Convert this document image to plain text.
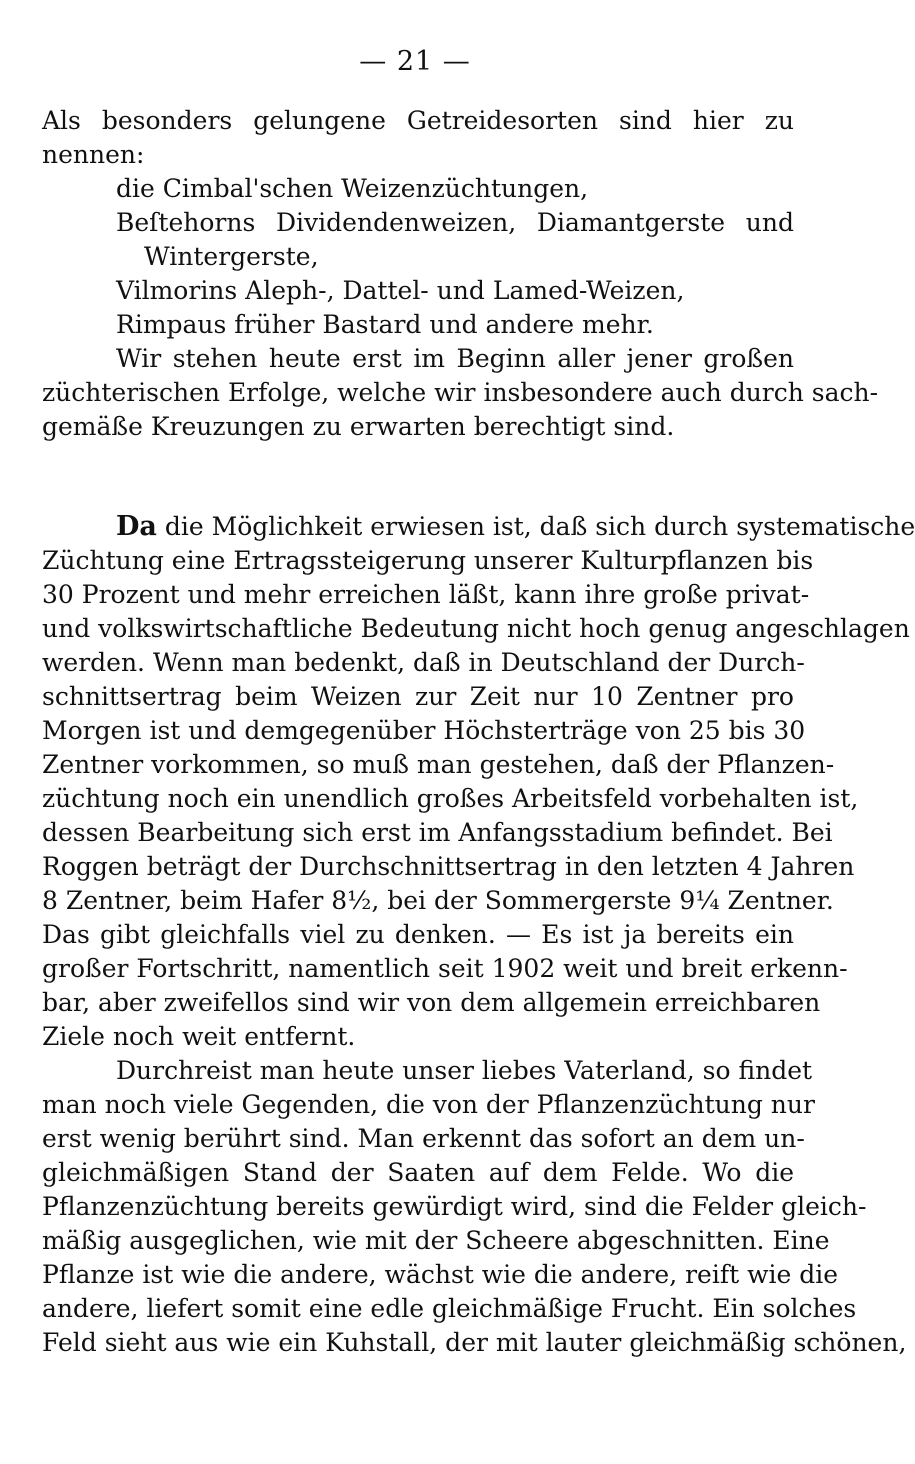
— 21 —
Als besonders gelungene Getreidesorten sind hier zu
nennen:
die Cimbal'schen Weizenzüchtungen,
Beſtehorns Dividendenweizen, Diamantgerste und
Wintergerste,
Vilmorins Aleph-, Dattel- und Lamed-Weizen,
Rimpaus früher Bastard und andere mehr.
Wir stehen heute erst im Beginn aller jener großen
züchterischen Erfolge, welche wir insbesondere auch durch sach-
gemäße Kreuzungen zu erwarten berechtigt sind.
Da die Möglichkeit erwiesen ist, daß sich durch systematische
Züchtung eine Ertragssteigerung unserer Kulturpflanzen bis
30 Prozent und mehr erreichen läßt, kann ihre große privat-
und volkswirtschaftliche Bedeutung nicht hoch genug angeschlagen
werden. Wenn man bedenkt, daß in Deutschland der Durch-
schnittsertrag beim Weizen zur Zeit nur 10 Zentner pro
Morgen ist und demgegenüber Höchsterträge von 25 bis 30
Zentner vorkommen, so muß man gestehen, daß der Pflanzen-
züchtung noch ein unendlich großes Arbeitsfeld vorbehalten ist,
dessen Bearbeitung sich erst im Anfangsstadium befindet. Bei
Roggen beträgt der Durchschnittsertrag in den letzten 4 Jahren
8 Zentner, beim Hafer 8½, bei der Sommergerste 9¼ Zentner.
Das gibt gleichfalls viel zu denken. — Es ist ja bereits ein
großer Fortschritt, namentlich seit 1902 weit und breit erkenn-
bar, aber zweifellos sind wir von dem allgemein erreichbaren
Ziele noch weit entfernt.
Durchreist man heute unser liebes Vaterland, so findet
man noch viele Gegenden, die von der Pflanzenzüchtung nur
erst wenig berührt sind. Man erkennt das sofort an dem un-
gleichmäßigen Stand der Saaten auf dem Felde. Wo die
Pflanzenzüchtung bereits gewürdigt wird, sind die Felder gleich-
mäßig ausgeglichen, wie mit der Scheere abgeschnitten. Eine
Pflanze ist wie die andere, wächst wie die andere, reift wie die
andere, liefert somit eine edle gleichmäßige Frucht. Ein solches
Feld sieht aus wie ein Kuhstall, der mit lauter gleichmäßig schönen,
